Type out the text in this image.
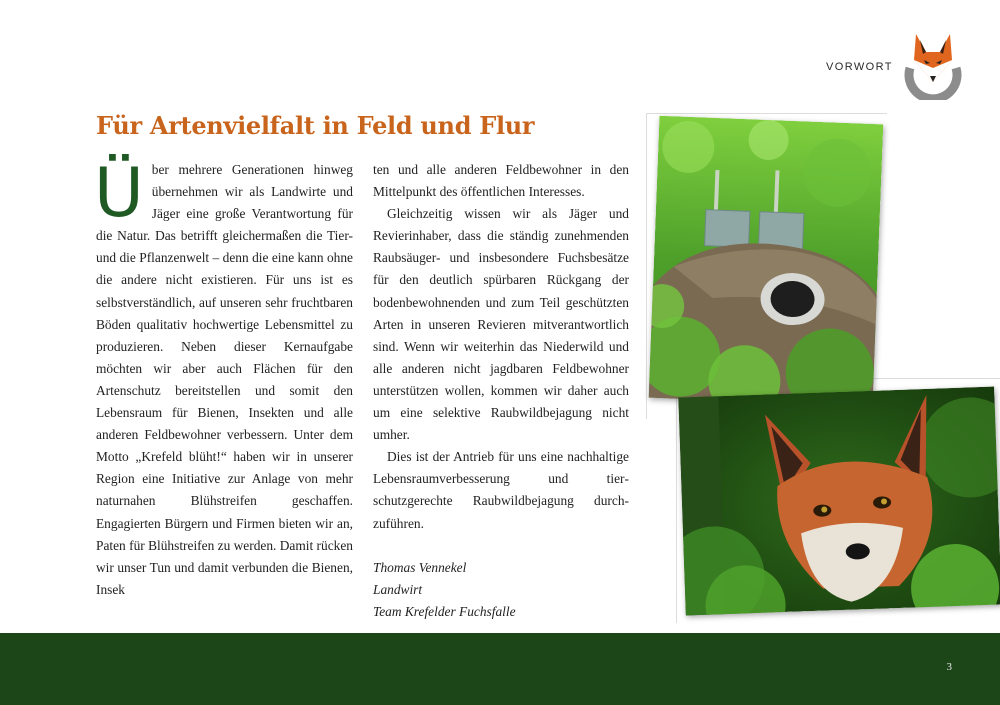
VORWORT
Für Artenvielfalt in Feld und Flur

Über mehrere Generationen hinweg übernehmen wir als Landwirte und Jäger eine große Verantwortung für die Natur. Das betrifft gleichermaßen die Tier- und die Pflanzenwelt – denn die eine kann ohne die andere nicht existieren. Für uns ist es selbstverständlich, auf unseren sehr fruchtbaren Böden qualitativ hochwertige Lebensmittel zu produzieren. Neben dieser Kernaufgabe möchten wir aber auch Flächen für den Artenschutz bereitstellen und somit den Lebensraum für Bienen, Insekten und alle anderen Feldbewohner verbessern. Unter dem Motto „Krefeld blüht!“ haben wir in unserer Region eine Initiative zur Anlage von mehr naturnahen Blühstreifen geschaffen. Engagierten Bürgern und Firmen bieten wir an, Paten für Blühstreifen zu werden. Damit rücken wir unser Tun und damit verbunden die Bienen, Insek

ten und alle anderen Feldbewohner in den Mittelpunkt des öffentlichen Interesses.

Gleichzeitig wissen wir als Jäger und Revierinhaber, dass die ständig zunehmenden Raubsäuger- und insbesondere Fuchsbesätze für den deutlich spürbaren Rückgang der bodenbewohnenden und zum Teil geschützten Arten in unseren Revieren mitverantwortlich sind. Wenn wir weiterhin das Niederwild und alle anderen nicht jagdbaren Feldbewohner unterstützen wollen, kommen wir daher auch um eine selektive Raubwildbejagung nicht umher.

Dies ist der Antrieb für uns eine nachhaltige Lebensraumverbesserung und tierschutzgerechte Raubwildbejagung durchzuführen.

Thomas Vennekel
Landwirt
Team Krefelder Fuchsfalle

3
